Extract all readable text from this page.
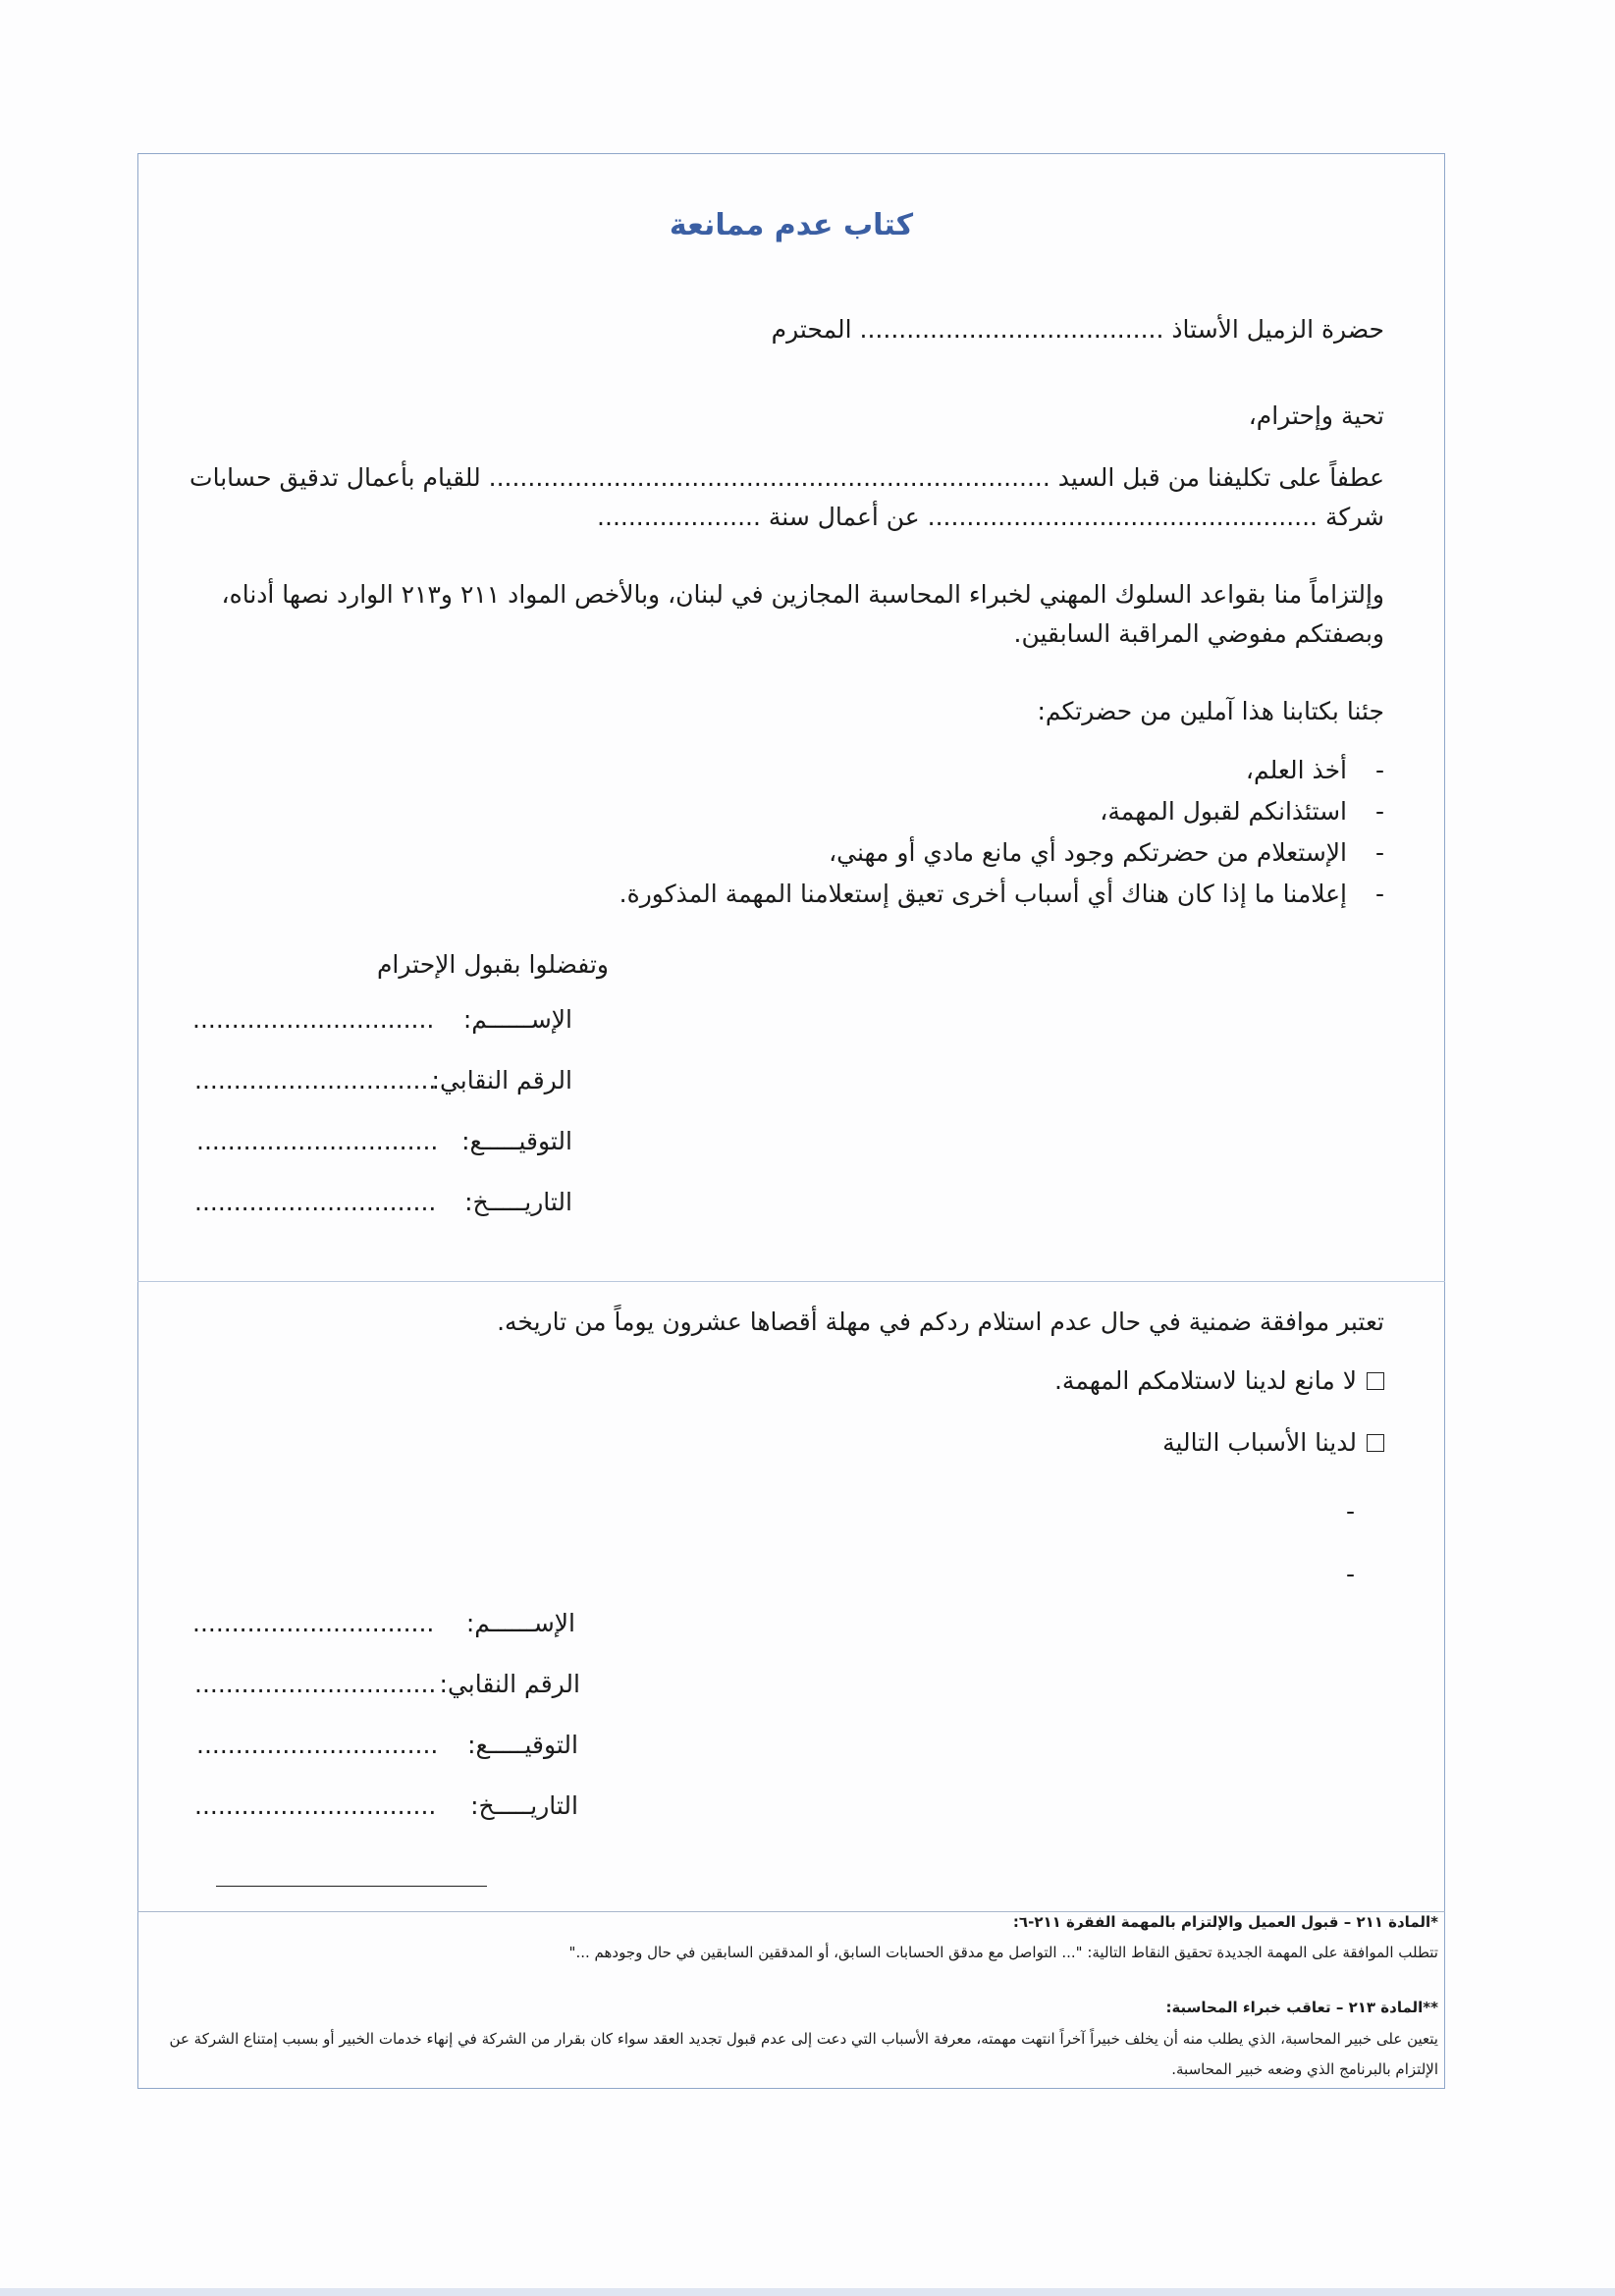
كتاب عدم ممانعة
حضرة الزميل الأستاذ ....................................... المحترم
تحية وإحترام،
عطفاً على تكليفنا من قبل السيد ........................................................................ للقيام بأعمال تدقيق حسابات
شركة .................................................. عن أعمال سنة .....................
وإلتزاماً منا بقواعد السلوك المهني لخبراء المحاسبة المجازين في لبنان، وبالأخص المواد ٢١١ و٢١٣ الوارد نصها أدناه، وبصفتكم مفوضي المراقبة السابقين.
جئنا بكتابنا هذا آملين من حضرتكم:
-
أخذ العلم،
-
استئذانكم لقبول المهمة،
-
الإستعلام من حضرتكم وجود أي مانع مادي أو مهني،
-
إعلامنا ما إذا كان هناك أي أسباب أخرى تعيق إستعلامنا المهمة المذكورة.
وتفضلوا بقبول الإحترام
الإســــــم:
...............................
الرقم النقابي:
...............................
التوقيـــــع:
...............................
التاريـــــخ:
...............................
تعتبر موافقة ضمنية في حال عدم استلام ردكم في مهلة أقصاها عشرون يوماً من تاريخه.
لا مانع لدينا لاستلامكم المهمة.
لدينا الأسباب التالية
-
-
الإســــــم:
...............................
الرقم النقابي:
...............................
التوقيـــــع:
...............................
التاريـــــخ:
...............................
*المادة ٢١١ – قبول العميل والإلتزام بالمهمة الفقرة ٢١١-٦:
تتطلب الموافقة على المهمة الجديدة تحقيق النقاط التالية: "... التواصل مع مدقق الحسابات السابق، أو المدققين السابقين في حال وجودهم ..."
**المادة ٢١٣ – تعاقب خبراء المحاسبة:
يتعين على خبير المحاسبة، الذي يطلب منه أن يخلف خبيراً آخراً انتهت مهمته، معرفة الأسباب التي دعت إلى عدم قبول تجديد العقد سواء كان بقرار من الشركة في إنهاء خدمات الخبير أو بسبب إمتناع الشركة عن الإلتزام بالبرنامج الذي وضعه خبير المحاسبة.
